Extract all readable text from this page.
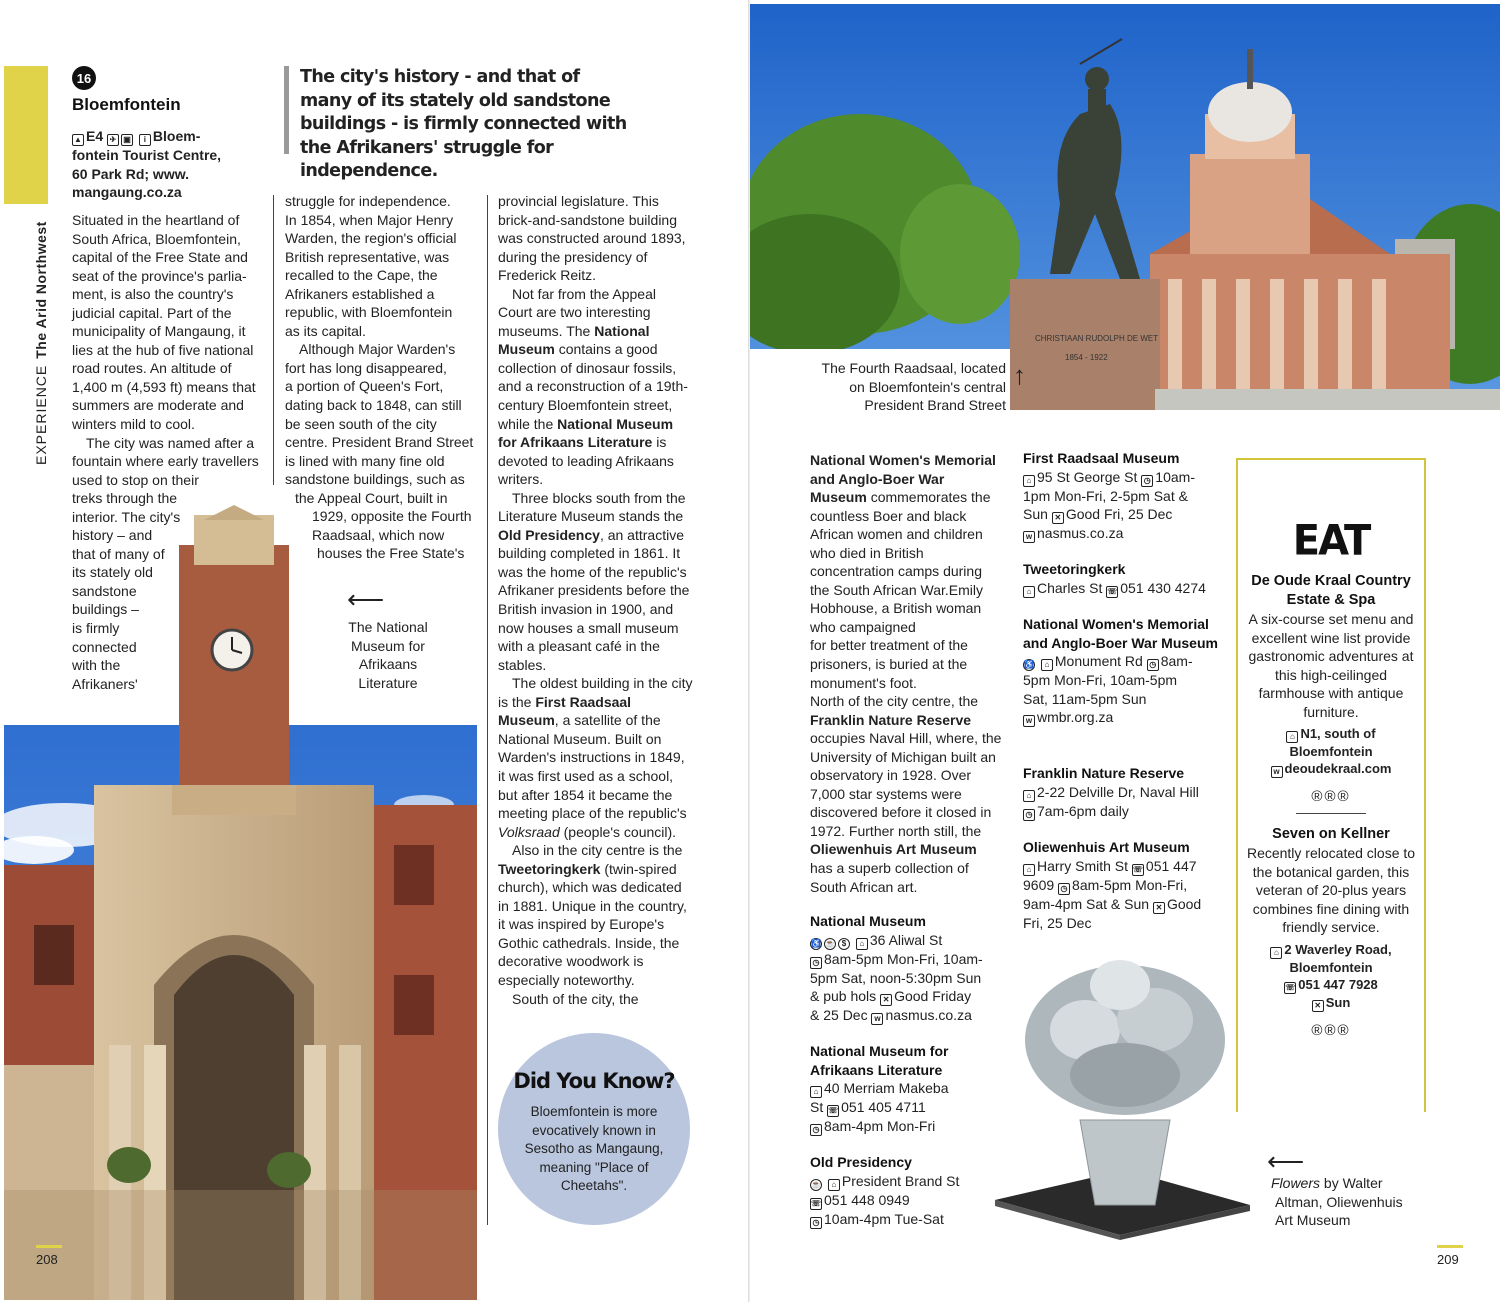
EXPERIENCEThe Arid Northwest
16
Bloemfontein
▲ E4 ✈ ▣ i Bloem-
fontein Tourist Centre,
60 Park Rd; www.
mangaung.co.za
The city's history - and that of many of its stately old sandstone buildings - is firmly connected with the Afrikaners' struggle for independence.
Situated in the heartland of
South Africa, Bloemfontein,
capital of the Free State and
seat of the province's parlia-
ment, is also the country's
judicial capital. Part of the
municipality of Mangaung, it
lies at the hub of five national
road routes. An altitude of
1,400 m (4,593 ft) means that
summers are moderate and
winters mild to cool.
The city was named after a
fountain where early travellers
used to stop on their
treks through the
interior. The city's
history – and
that of many of
its stately old
sandstone
buildings –
is firmly
connected
with the
Afrikaners'
struggle for independence.
In 1854, when Major Henry
Warden, the region's official
British representative, was
recalled to the Cape, the
Afrikaners established a
republic, with Bloemfontein
as its capital.
Although Major Warden's
fort has long disappeared,
a portion of Queen's Fort,
dating back to 1848, can still
be seen south of the city
centre. President Brand Street
is lined with many fine old
sandstone buildings, such as
the Appeal Court, built in
1929, opposite the Fourth
Raadsaal, which now
houses the Free State's
provincial legislature. This
brick-and-sandstone building
was constructed around 1893,
during the presidency of
Frederick Reitz.

Not far from the Appeal Court are two interesting museums. The National Museum contains a good collection of dinosaur fossils, and a reconstruction of a 19th-century Bloemfontein street, while the National Museum for Afrikaans Literature is devoted to leading Afrikaans writers.

Three blocks south from the Literature Museum stands the Old Presidency, an attractive building completed in 1861. It was the home of the republic's Afrikaner presidents before the British invasion in 1900, and now houses a small museum with a pleasant café in the stables.

The oldest building in the city is the First Raadsaal Museum, a satellite of the National Museum. Built on Warden's instructions in 1849, it was first used as a school, but after 1854 it became the meeting place of the republic's Volksraad (people's council).

Also in the city centre is the Tweetoringkerk (twin-spired church), which was dedicated in 1881. Unique in the country, it was inspired by Europe's Gothic cathedrals. Inside, the decorative woodwork is especially noteworthy.

South of the city, the

⟵
The National
Museum for
Afrikaans
Literature
Did You Know?

Bloemfontein is more evocatively known in Sesotho as Mangaung, meaning "Place of Cheetahs".

208
CHRISTIAAN RUDOLPH DE WET
1854 - 1922
The Fourth Raadsaal, located
on Bloemfontein's central
President Brand Street
↑

National Women's Memorial and Anglo-Boer War Museum commemorates the countless Boer and black African women and children who died in British concentration camps during the South African War.Emily Hobhouse, a British woman who campaigned

for better treatment of the prisoners, is buried at the monument's foot.

North of the city centre, the Franklin Nature Reserve occupies Naval Hill, where, the University of Michigan built an observatory in 1928. Over 7,000 star systems were discovered before it closed in 1972. Further north still, the Oliewenhuis Art Museum has a superb collection of South African art.

National Museum
♿ ☕ $ ⌂ 36 Aliwal St
◷ 8am-5pm Mon-Fri, 10am-
5pm Sat, noon-5:30pm Sun
& pub hols ✕ Good Friday
& 25 Dec w nasmus.co.za
National Museum for Afrikaans Literature
⌂ 40 Merriam Makeba
St ☏ 051 405 4711
◷ 8am-4pm Mon-Fri
Old Presidency
☕ ⌂ President Brand St
☏ 051 448 0949
◷ 10am-4pm Tue-Sat
First Raadsaal Museum
⌂ 95 St George St ◷ 10am-
1pm Mon-Fri, 2-5pm Sat &
Sun ✕ Good Fri, 25 Dec
w nasmus.co.za
Tweetoringkerk
⌂ Charles St ☏ 051 430 4274
National Women's Memorial and Anglo-Boer War Museum
♿ ⌂ Monument Rd ◷ 8am-
5pm Mon-Fri, 10am-5pm
Sat, 11am-5pm Sun
w wmbr.org.za
Franklin Nature Reserve
⌂ 2-22 Delville Dr, Naval Hill
◷ 7am-6pm daily
Oliewenhuis Art Museum
⌂ Harry Smith St ☏ 051 447
9609 ◷ 8am-5pm Mon-Fri,
9am-4pm Sat & Sun ✕ Good
Fri, 25 Dec
EAT
De Oude Kraal Country Estate & Spa
A six-course set menu and excellent wine list provide gastronomic adventures at this high-ceilinged farmhouse with antique furniture.
⌂ N1, south of
Bloemfontein
w deoudekraal.com
®®®
Seven on Kellner
Recently relocated close to the botanical garden, this veteran of 20-plus years combines fine dining with friendly service.
⌂ 2 Waverley Road,
Bloemfontein
☏ 051 447 7928
✕ Sun
®®®
⟵
Flowers by Walter
Altman, Oliewenhuis
Art Museum
209
